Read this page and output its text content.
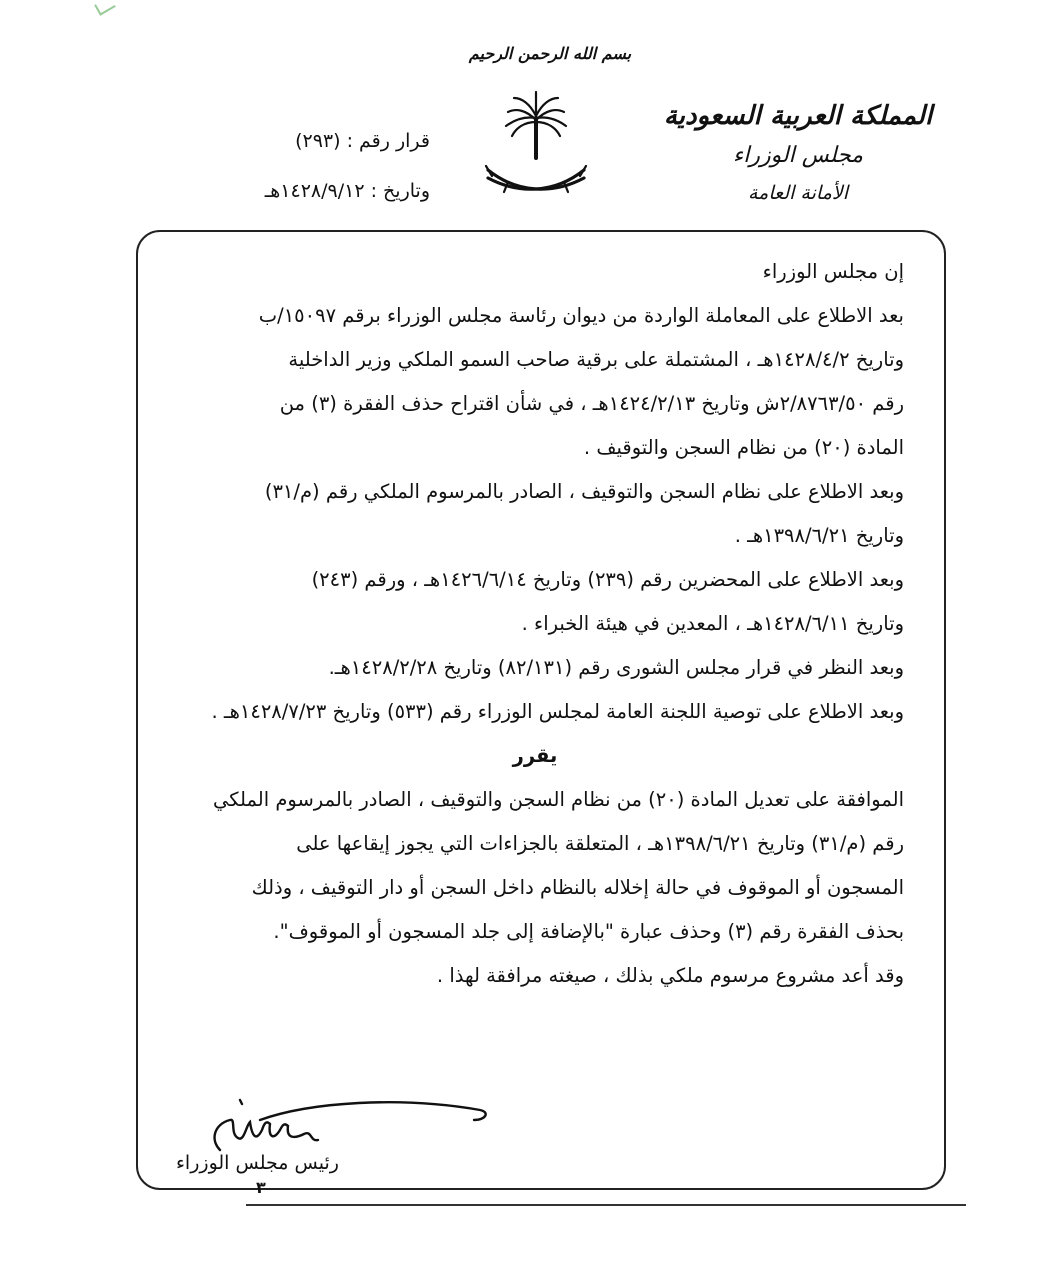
بسم الله الرحمن الرحيم
المملكة العربية السعودية
مجلس الوزراء
الأمانة العامة
قرار رقم : (٢٩٣)
وتاريخ : ١٤٢٨/٩/١٢هـ
إن مجلس الوزراء
بعد الاطلاع على المعاملة الواردة من ديوان رئاسة مجلس الوزراء برقم ١٥٠٩٧/ب
وتاريخ ١٤٢٨/٤/٢هـ ، المشتملة على برقية صاحب السمو الملكي وزير الداخلية
رقم ٢/٨٧٦٣/٥٠ش وتاريخ ١٤٢٤/٢/١٣هـ ، في شأن اقتراح حذف الفقرة (٣) من
المادة (٢٠) من نظام السجن والتوقيف .
وبعد الاطلاع على نظام السجن والتوقيف ، الصادر بالمرسوم الملكي رقم (م/٣١)
وتاريخ ١٣٩٨/٦/٢١هـ .
وبعد الاطلاع على المحضرين رقم (٢٣٩) وتاريخ ١٤٢٦/٦/١٤هـ ، ورقم (٢٤٣)
وتاريخ ١٤٢٨/٦/١١هـ ، المعدين في هيئة الخبراء .
وبعد النظر في قرار مجلس الشورى رقم (٨٢/١٣١) وتاريخ ١٤٢٨/٢/٢٨هـ.
وبعد الاطلاع على توصية اللجنة العامة لمجلس الوزراء رقم (٥٣٣) وتاريخ ١٤٢٨/٧/٢٣هـ .
يقرر
الموافقة على تعديل المادة (٢٠) من نظام السجن والتوقيف ، الصادر بالمرسوم الملكي
رقم (م/٣١) وتاريخ ١٣٩٨/٦/٢١هـ ، المتعلقة بالجزاءات التي يجوز إيقاعها على
المسجون أو الموقوف في حالة إخلاله بالنظام داخل السجن أو دار التوقيف ، وذلك
بحذف الفقرة رقم (٣) وحذف عبارة "بالإضافة إلى جلد المسجون أو الموقوف".
وقد أعد مشروع مرسوم ملكي بذلك ، صيغته مرافقة لهذا .
رئيس مجلس الوزراء
٣
